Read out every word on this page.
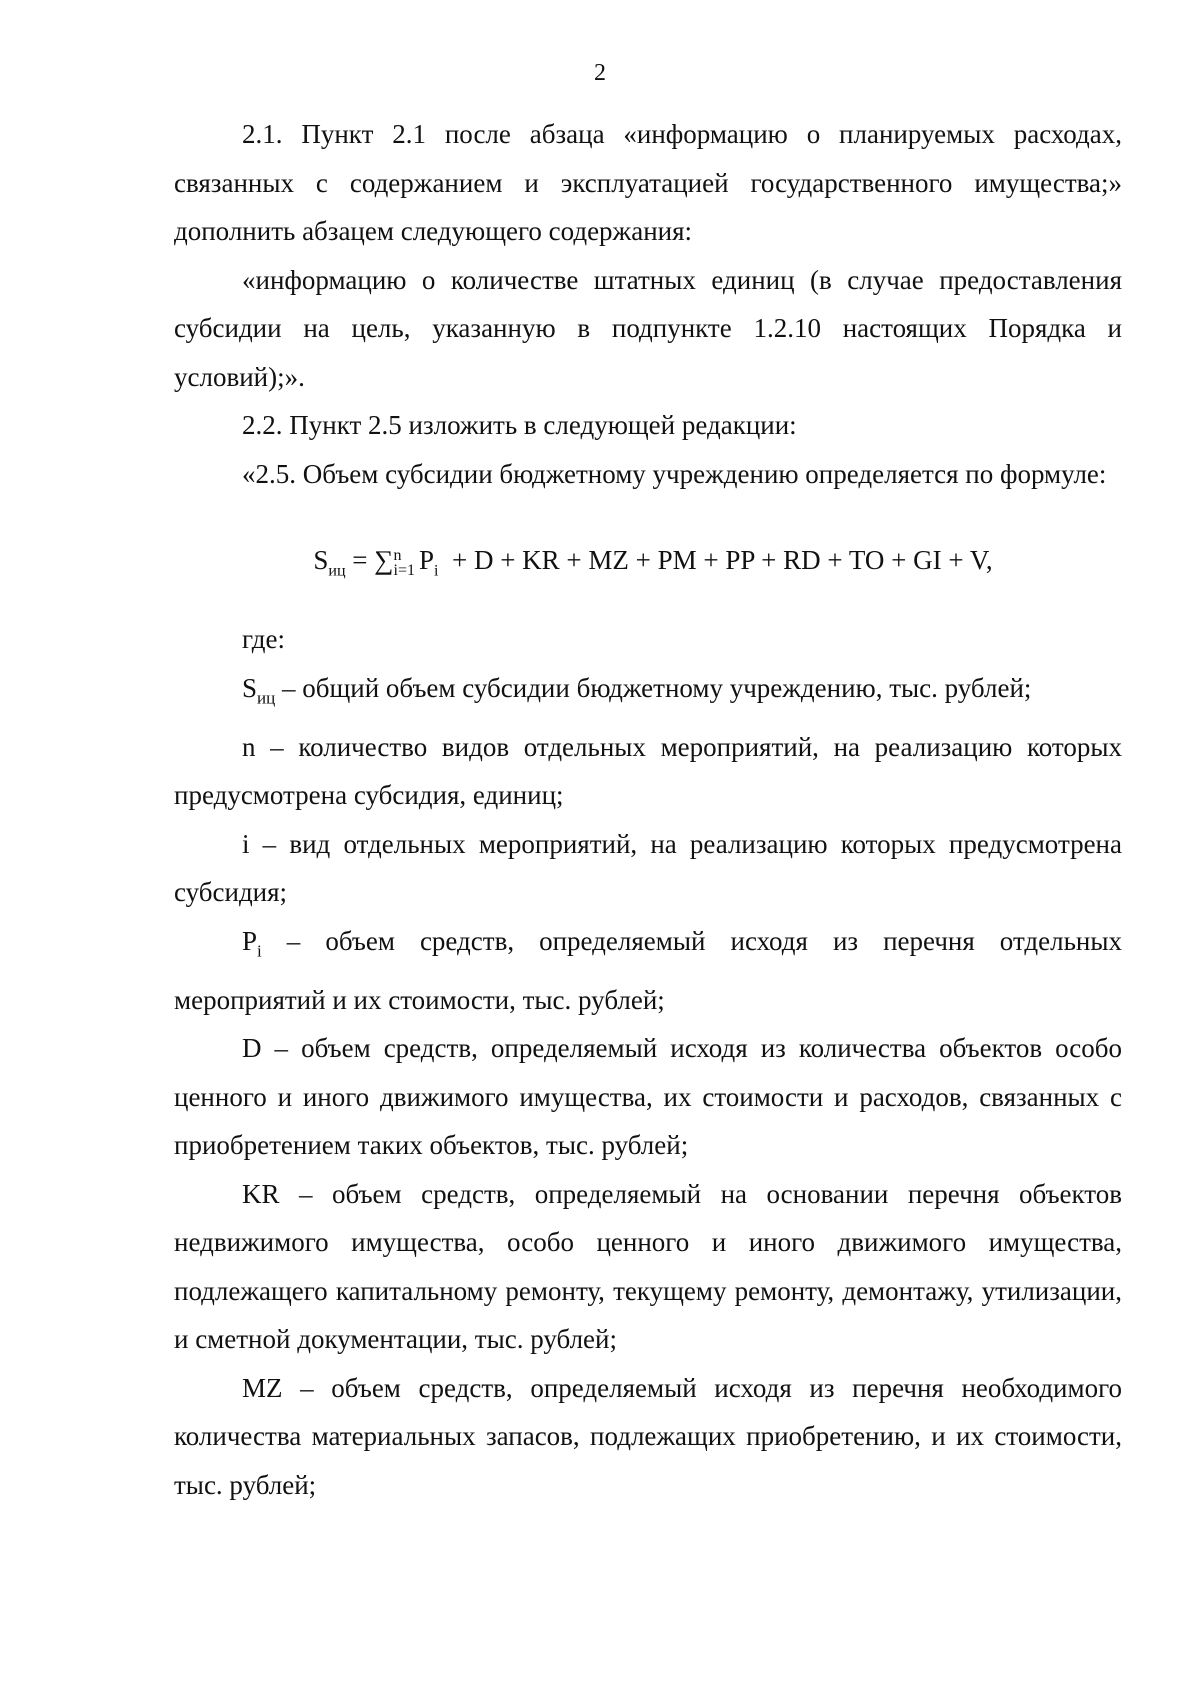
2

2.1. Пункт 2.1 после абзаца «информацию о планируемых расходах, связанных с содержанием и эксплуатацией государственного имущества;» дополнить абзацем следующего содержания:

«информацию о количестве штатных единиц (в случае предоставления субсидии на цель, указанную в подпункте 1.2.10 настоящих Порядка и условий);».

2.2. Пункт 2.5 изложить в следующей редакции:

«2.5. Объем субсидии бюджетному учреждению определяется по формуле:

$S_{иц} = \sum n$
i=1 $P_i + D$ + KR + MZ + PM + PP + RD + TO + GI + V,

где:

$S_{иц}$ – общий объем субсидии бюджетному учреждению, тыс. рублей;

n – количество видов отдельных мероприятий, на реализацию которых предусмотрена субсидия, единиц;

i – вид отдельных мероприятий, на реализацию которых предусмотрена субсидия;

$P_i$ – объем средств, определяемый исходя из перечня отдельных мероприятий и их стоимости, тыс. рублей;

D – объем средств, определяемый исходя из количества объектов особо ценного и иного движимого имущества, их стоимости и расходов, связанных с приобретением таких объектов, тыс. рублей;

KR – объем средств, определяемый на основании перечня объектов недвижимого имущества, особо ценного и иного движимого имущества, подлежащего капитальному ремонту, текущему ремонту, демонтажу, утилизации, и сметной документации, тыс. рублей;

MZ – объем средств, определяемый исходя из перечня необходимого количества материальных запасов, подлежащих приобретению, и их стоимости, тыс. рублей;
